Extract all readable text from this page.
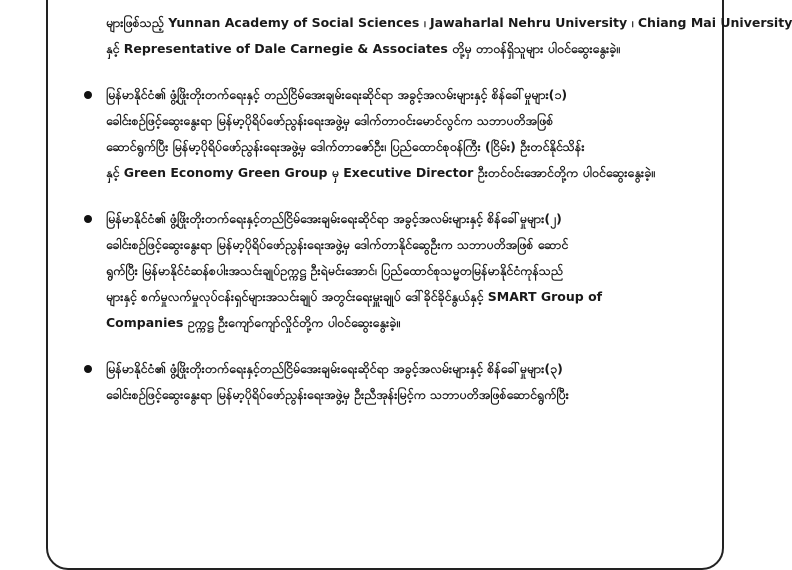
များဖြစ်သည့် Yunnan Academy of Social Sciences ၊ Jawaharlal Nehru University ၊ Chiang Mai University
နှင့် Representative of Dale Carnegie & Associates တို့မှ တာဝန်ရှိသူများ ပါဝင်ဆွေးနွေးခဲ့။
မြန်မာနိုင်ငံ၏ ဖွံ့ဖြိုးတိုးတက်ရေးနှင့် တည်ငြိမ်အေးချမ်းရေးဆိုင်ရာ အခွင့်အလမ်းများနှင့် စိန်ခေါ်မှုများ(၁)
ခေါင်းစဉ်ဖြင့်ဆွေးနွေးရာ မြန်မာ့ပိုရိပ်ဖော်ညွန်းရေးအဖွဲ့မှ ဒေါက်တာဝင်းမောင်လွင်က သဘာပတိအဖြစ်
ဆောင်ရွက်ပြီး မြန်မာ့ပိုရိပ်ဖော်ညွန်းရေးအဖွဲ့မှ ဒေါက်တာဇော်ဦး၊ ပြည်ထောင်စုဝန်ကြီး (ငြိမ်း) ဦးတင်နိုင်သိန်း
နှင့် Green Economy Green Group မှ Executive Director ဦးတင်ဝင်းအောင်တို့က ပါဝင်ဆွေးနွေးခဲ့။
မြန်မာနိုင်ငံ၏ ဖွံ့ဖြိုးတိုးတက်ရေးနှင့်တည်ငြိမ်အေးချမ်းရေးဆိုင်ရာ အခွင့်အလမ်းများနှင့် စိန်ခေါ်မှုများ(၂)
ခေါင်းစဉ်ဖြင့်ဆွေးနွေးရာ မြန်မာ့ပိုရိပ်ဖော်ညွန်းရေးအဖွဲ့မှ ဒေါက်တာနိုင်ဆွေဦးက သဘာပတိအဖြစ် ဆောင်
ရွက်ပြီး မြန်မာနိုင်ငံဆန်စပါးအသင်းချုပ်ဥက္ကဋ္ဌ ဦးရဲမင်းအောင်၊ ပြည်ထောင်စုသမ္မတမြန်မာနိုင်ငံကုန်သည်
များနှင့် စက်မှုလက်မှုလုပ်ငန်းရှင်များအသင်းချုပ် အတွင်းရေးမှူးချုပ် ဒေါ်ခိုင်ခိုင်နွယ်နှင့် SMART Group of
Companies ဥက္ကဋ္ဌ ဦးကျော်ကျော်လှိုင်တို့က ပါဝင်ဆွေးနွေးခဲ့။
မြန်မာနိုင်ငံ၏ ဖွံ့ဖြိုးတိုးတက်ရေးနှင့်တည်ငြိမ်အေးချမ်းရေးဆိုင်ရာ အခွင့်အလမ်းများနှင့် စိန်ခေါ်မှုများ(၃)
ခေါင်းစဉ်ဖြင့်ဆွေးနွေးရာ မြန်မာ့ပိုရိပ်ဖော်ညွန်းရေးအဖွဲ့မှ ဦးညီအုန်းမြင့်က သဘာပတိအဖြစ်ဆောင်ရွက်ပြီး
